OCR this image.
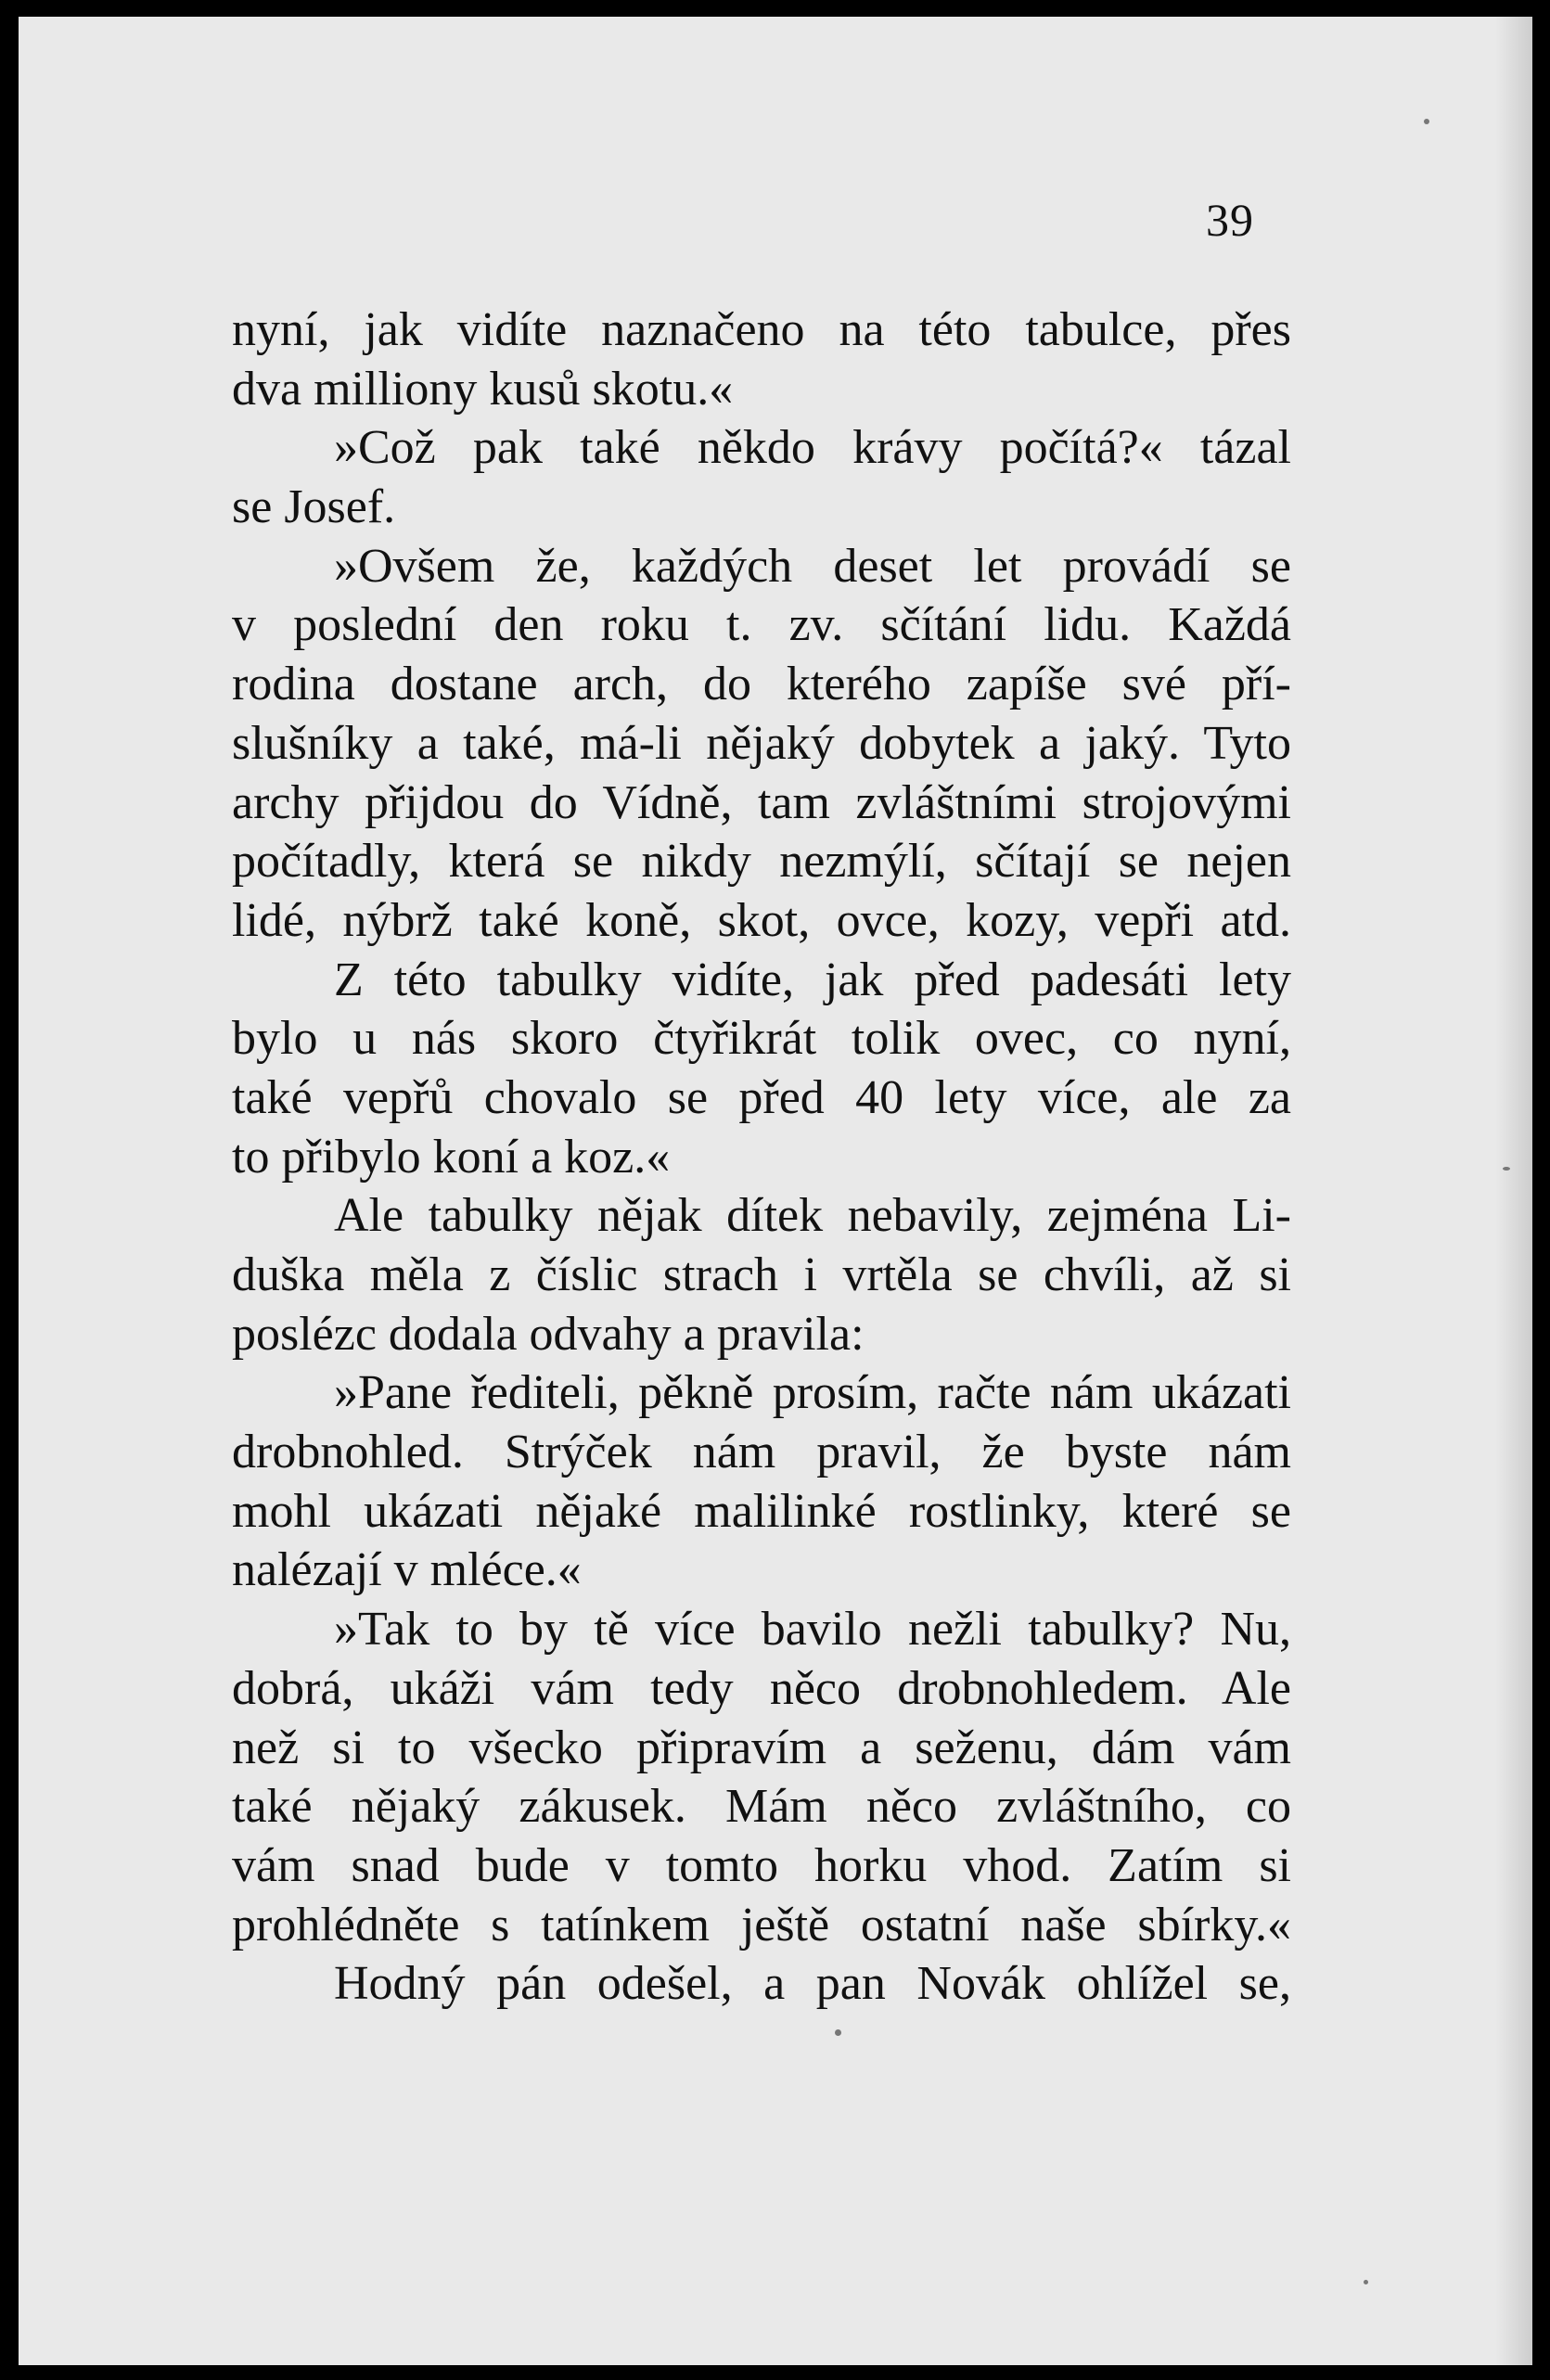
39
nyní, jak vidíte naznačeno na této tabulce, přes
dva milliony kusů skotu.«
»Což pak také někdo krávy počítá?« tázal
se Josef.
»Ovšem že, každých deset let provádí se
v poslední den roku t. zv. sčítání lidu. Každá
rodina dostane arch, do kterého zapíše své pří-
slušníky a také, má-li nějaký dobytek a jaký. Tyto
archy přijdou do Vídně, tam zvláštními strojovými
počítadly, která se nikdy nezmýlí, sčítají se nejen
lidé, nýbrž také koně, skot, ovce, kozy, vepři atd.
Z této tabulky vidíte, jak před padesáti lety
bylo u nás skoro čtyřikrát tolik ovec, co nyní,
také vepřů chovalo se před 40 lety více, ale za
to přibylo koní a koz.«
Ale tabulky nějak dítek nebavily, zejména Li-
duška měla z číslic strach i vrtěla se chvíli, až si
poslézc dodala odvahy a pravila:
»Pane řediteli, pěkně prosím, račte nám ukázati
drobnohled. Strýček nám pravil, že byste nám
mohl ukázati nějaké malilinké rostlinky, které se
nalézají v mléce.«
»Tak to by tě více bavilo nežli tabulky? Nu,
dobrá, ukáži vám tedy něco drobnohledem. Ale
než si to všecko připravím a seženu, dám vám
také nějaký zákusek. Mám něco zvláštního, co
vám snad bude v tomto horku vhod. Zatím si
prohlédněte s tatínkem ještě ostatní naše sbírky.«
Hodný pán odešel, a pan Novák ohlížel se,
